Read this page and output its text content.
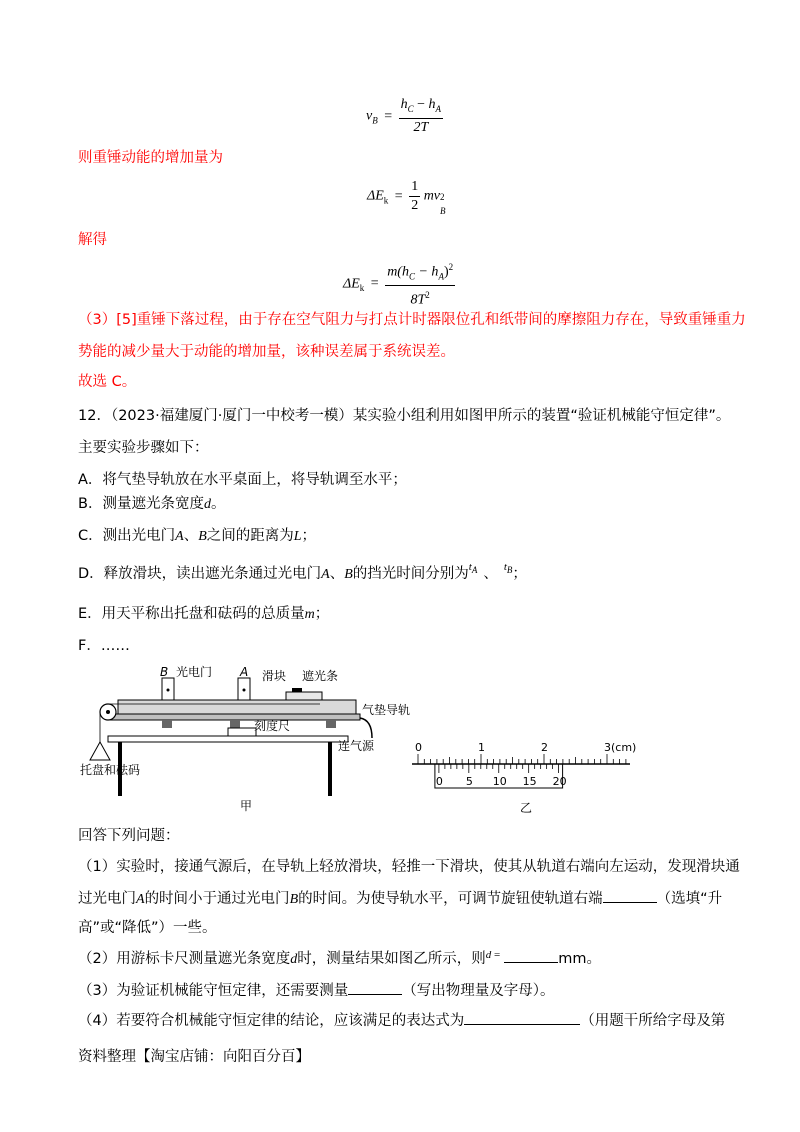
$v_B = \frac{h_C - h_A}{2T}$
则重锤动能的增加量为
$\Delta E_k = \frac{1}{2}$ mv 2
B
解得
$\Delta E_k = \frac{m(h_C - h_A)^2}{8T^2}$
（3）[5]重锤下落过程，由于存在空气阻力与打点计时器限位孔和纸带间的摩擦阻力存在，导致重锤重力
势能的减少量大于动能的增加量，该种误差属于系统误差。
故选 C。
12．（2023·福建厦门·厦门一中校考一模）某实验小组利用如图甲所示的装置“验证机械能守恒定律”。
主要实验步骤如下：
A．将气垫导轨放在水平桌面上，将导轨调至水平；
B．测量遮光条宽度d。
C．测出光电门A、B之间的距离为L；
D．释放滑块，读出遮光条通过光电门A、B的挡光时间分别为$^{t_A}$ 、 $^{t_B}$；
E．用天平称出托盘和砝码的总质量m；
F．……
B	A
光电门	滑块 遮光条
气垫导轨
刻度尺
连气源
托盘和砝码
甲
0	1	2	3(cm)
0 5 10 15 20
乙
回答下列问题：
（1）实验时，接通气源后，在导轨上轻放滑块，轻推一下滑块，使其从轨道右端向左运动，发现滑块通
过光电门A的时间小于通过光电门B的时间。为使导轨水平，可调节旋钮使轨道右端	（选填“升
高”或“降低”）一些。
（2）用游标卡尺测量遮光条宽度d时，测量结果如图乙所示，则$^{d =}$	mm。
（3）为验证机械能守恒定律，还需要测量	（写出物理量及字母）。
（4）若要符合机械能守恒定律的结论，应该满足的表达式为	（用题干所给字母及第
资料整理【淘宝店铺：向阳百分百】
